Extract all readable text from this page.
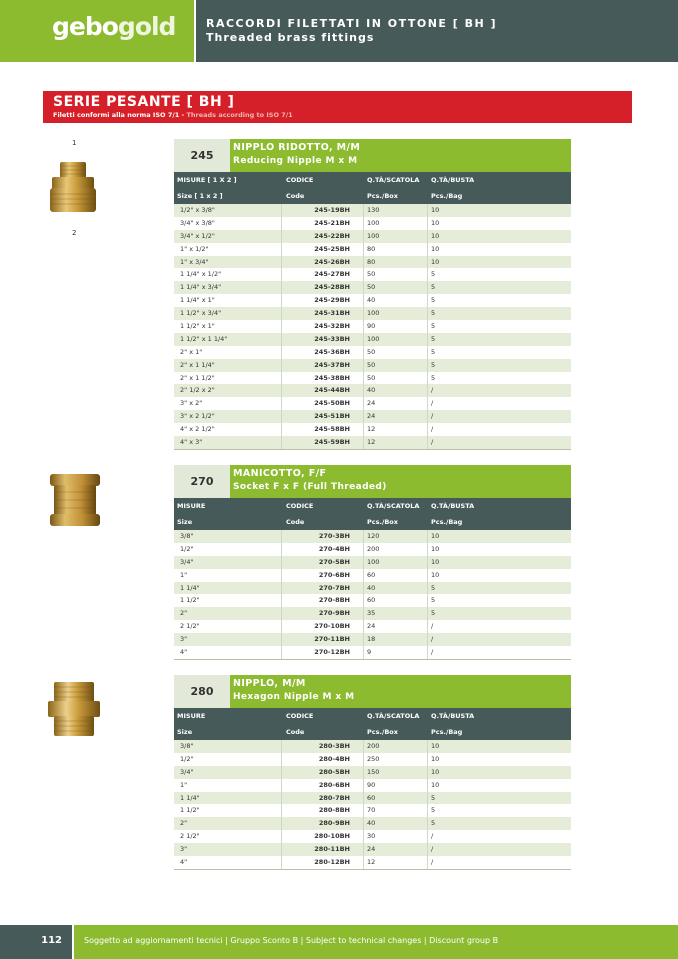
gebogold	RACCORDI FILETTATI IN OTTONE [ BH ]
Threaded brass fittings
SERIE PESANTE [ BH ]
Filetti conformi alla norma ISO 7/1 - Threads according to ISO 7/1
1
2
245
NIPPLO RIDOTTO, M/M
Reducing Nipple M x M
MISURE [ 1 X 2 ]	CODICE	Q.TÀ/SCATOLA Q.TÀ/BUSTA
Size [ 1 x 2 ]	Code	Pcs./Box	Pcs./Bag
1/2" x 3/8"	245-19BH	130	10
3/4" x 3/8"	245-21BH	100	10
3/4" x 1/2"	245-22BH	100	10
1" x 1/2"	245-25BH	80	10
1" x 3/4"	245-26BH	80	10
1 1/4" x 1/2"	245-27BH	50	5
1 1/4" x 3/4"	245-28BH	50	5
1 1/4" x 1"	245-29BH	40	5
1 1/2" x 3/4"	245-31BH	100	5
1 1/2" x 1"	245-32BH	90	5
1 1/2" x 1 1/4"	245-33BH	100	5
2" x 1"	245-36BH	50	5
2" x 1 1/4"	245-37BH	50	5
2" x 1 1/2"	245-38BH	50	5
2" 1/2 x 2"	245-44BH	40	/
3" x 2"	245-50BH	24	/
3" x 2 1/2"	245-51BH	24	/
4" x 2 1/2"	245-58BH	12	/
4" x 3"	245-59BH	12	/
270
MANICOTTO, F/F
Socket F x F (Full Threaded)
MISURE	CODICE	Q.TÀ/SCATOLA Q.TÀ/BUSTA
Size	Code	Pcs./Box	Pcs./Bag
3/8"	270-3BH	120	10
1/2"	270-4BH	200	10
3/4"	270-5BH	100	10
1"	270-6BH	60	10
1 1/4"	270-7BH	40	5
1 1/2"	270-8BH	60	5
2"	270-9BH	35	5
2 1/2"	270-10BH	24	/
3"	270-11BH	18	/
4"	270-12BH	9	/
280
NIPPLO, M/M
Hexagon Nipple M x M
MISURE	CODICE	Q.TÀ/SCATOLA Q.TÀ/BUSTA
Size	Code	Pcs./Box	Pcs./Bag
3/8"	280-3BH	200	10
1/2"	280-4BH	250	10
3/4"	280-5BH	150	10
1"	280-6BH	90	10
1 1/4"	280-7BH	60	5
1 1/2"	280-8BH	70	5
2"	280-9BH	40	5
2 1/2"	280-10BH	30	/
3"	280-11BH	24	/
4"	280-12BH	12	/
112	Soggetto ad aggiornamenti tecnici | Gruppo Sconto B | Subject to technical changes | Discount group B
